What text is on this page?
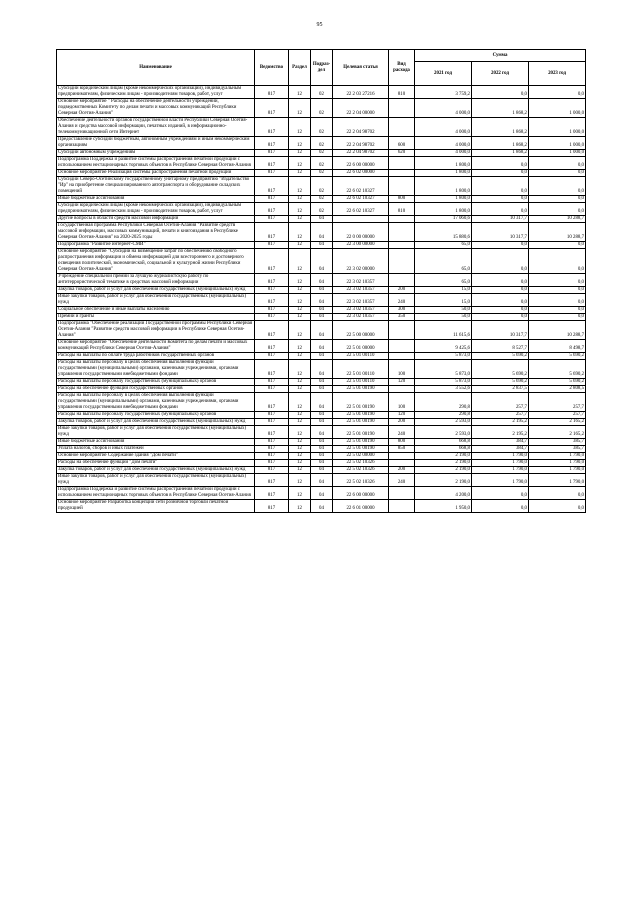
95
Наименование	Ведомство	Раздел	Подраз-дел	Целевая статья	Вид расхода	Сумма		
						2021 год	2022 год	2023 год
Субсидии юридическим лицам (кроме некоммерческих организаций), индивидуальным предпринимателям, физическим лицам - производителям товаров, работ, услуг	817	12	02	22 2 03 27216	810	3 759,2	0,0	0,0
Основное мероприятие " Расходы на обеспечение деятельности учреждений, подведомственных Комитету по делам печати и массовых коммуникаций Республики Северная Осетия-Алания"	817	12	02	22 2 04 00000		4 000,0	1 868,2	1 000,0
Обеспечение деятельности органов государственной власти Республики Северная Осетия-Алания и средства массовой информации, печатных изданий, в информационно-телекоммуникационной сети Интернет	817	12	02	22 2 04 98702		4 000,0	1 868,2	1 000,0
Предоставление субсидий бюджетным, автономным учреждениям и иным некоммерческим организациям	817	12	02	22 2 04 98702	600	4 000,0	1 868,2	1 000,0
Субсидии автономным учреждениям	817	12	02	22 2 04 98702	620	4 000,0	1 868,2	1 000,0
Подпрограмма Поддержка и развитие системы распространения печатной продукции с использованием нестационарных торговых объектов в Республике Северная Осетия-Алания	817	12	02	22 6 00 00000		1 800,0	0,0	0,0
Основное мероприятие Реализация системы распространения печатной продукции	817	12	02	22 6 02 00000		1 800,0	0,0	0,0
Субсидии Северо-Осетинскому государственному унитарному предприятию "Издательство "Ир" на приобретение специализированного автотранспорта и оборудование складских помещений	817	12	02	22 6 02 10327		1 800,0	0,0	0,0
Иные бюджетные ассигнования	817	12	02	22 6 02 10327	800	1 800,0	0,0	0,0
Субсидии юридическим лицам (кроме некоммерческих организаций), индивидуальным предпринимателям, физическим лицам - производителям товаров, работ, услуг	817	12	02	22 6 02 10327	810	1 800,0	0,0	0,0
Другие вопросы в области средств массовой информации	817	12	04			17 060,6	10 317,7	10 288,7
Государственная программа Республики Северная Осетия-Алания "Развитие средств массовой информации, массовых коммуникаций, печати и книгоиздания в Республике Северная Осетия-Алания" на 2020-2025 годы	817	12	04	22 0 00 00000		15 880,6	10 317,7	10 288,7
Подпрограмма "Развитие интернет-СМИ"	817	12	04	22 3 00 00000		65,0	0,0	0,0
Основное мероприятие "Субсидии на возмещение затрат по обеспечению свободного распространения информации и обмена информацией для всестороннего и достоверного освещения политической, экономической, социальной и культурной жизни Республики Северная Осетия-Алания"	817	12	04	22 3 02 00000		65,0	0,0	0,0
Учреждение специальной премии за лучшую журналистскую работу по антитеррористической тематике в средствах массовой информации	817	12	04	22 3 02 10357		65,0	0,0	0,0
Закупка товаров, работ и услуг для обеспечения государственных (муниципальных) нужд	817	12	04	22 3 02 10357	200	15,0	0,0	0,0
Иные закупки товаров, работ и услуг для обеспечения государственных (муниципальных) нужд	817	12	04	22 3 02 10357	240	15,0	0,0	0,0
Социальное обеспечение и иные выплаты населению	817	12	04	22 3 02 10357	300	50,0	0,0	0,0
Премии и гранты	817	12	04	22 3 02 10357	350	50,0	0,0	0,0
Подпрограмма "Обеспечение реализации Государственной программы Республики Северная Осетия-Алания "Развитие средств массовой информации в Республике Северная Осетия-Алания"	817	12	04	22 5 00 00000		11 615,6	10 317,7	10 288,7
Основное мероприятие "Обеспечение деятельности Комитета по делам печати и массовых коммуникаций Республики Северная Осетия-Алания"	817	12	04	22 5 01 00000		9 425,6	8 527,7	8 498,7
Расходы на выплаты по оплате труда работников государственных органов	817	12	04	22 5 01 00110		5 873,0	5 690,2	5 690,2
Расходы на выплаты персоналу в целях обеспечения выполнения функций государственными (муниципальными) органами, казенными учреждениями, органами управления государственными внебюджетными фондами	817	12	04	22 5 01 00110	100	5 873,0	5 690,2	5 690,2
Расходы на выплаты персоналу государственных (муниципальных) органов	817	12	04	22 5 01 00110	120	5 873,0	5 690,2	5 690,2
Расходы на обеспечение функций государственных органов	817	12	04	22 5 01 00190		3 552,6	2 837,5	2 808,5
Расходы на выплаты персоналу в целях обеспечения выполнения функций государственными (муниципальными) органами, казенными учреждениями, органами управления государственными внебюджетными фондами	817	12	04	22 5 01 00190	100	290,8	257,7	257,7
Расходы на выплаты персоналу государственных (муниципальных) органов	817	12	04	22 5 01 00190	120	290,8	257,7	257,7
Закупка товаров, работ и услуг для обеспечения государственных (муниципальных) нужд	817	12	04	22 5 01 00190	200	2 593,0	2 195,2	2 165,2
Иные закупки товаров, работ и услуг для обеспечения государственных (муниципальных) нужд	817	12	04	22 5 01 00190	240	2 593,0	2 195,2	2 165,2
Иные бюджетные ассигнования	817	12	04	22 5 01 00190	800	668,8	384,7	385,7
Уплата налогов, сборов и иных платежей	817	12	04	22 5 01 00190	850	668,8	384,7	385,7
Основное мероприятие Содержание здания "Дом печати"	817	12	04	22 5 02 00000		2 190,0	1 790,0	1 790,0
Расходы на обеспечение функций "Дом печати"	817	12	04	22 5 02 10326		2 190,0	1 790,0	1 790,0
Закупка товаров, работ и услуг для обеспечения государственных (муниципальных) нужд	817	12	04	22 5 02 10326	200	2 190,0	1 790,0	1 790,0
Иные закупки товаров, работ и услуг для обеспечения государственных (муниципальных) нужд	817	12	04	22 5 02 10326	240	2 190,0	1 790,0	1 790,0
Подпрограмма Поддержка и развитие системы распространения печатной продукции с использованием нестационарных торговых объектов в Республике Северная Осетия-Алания	817	12	04	22 6 00 00000		4 200,0	0,0	0,0
Основное мероприятие Разработка концепции сети розничной торговли печатной продукцией	817	12	04	22 6 01 00000		1 950,0	0,0	0,0
